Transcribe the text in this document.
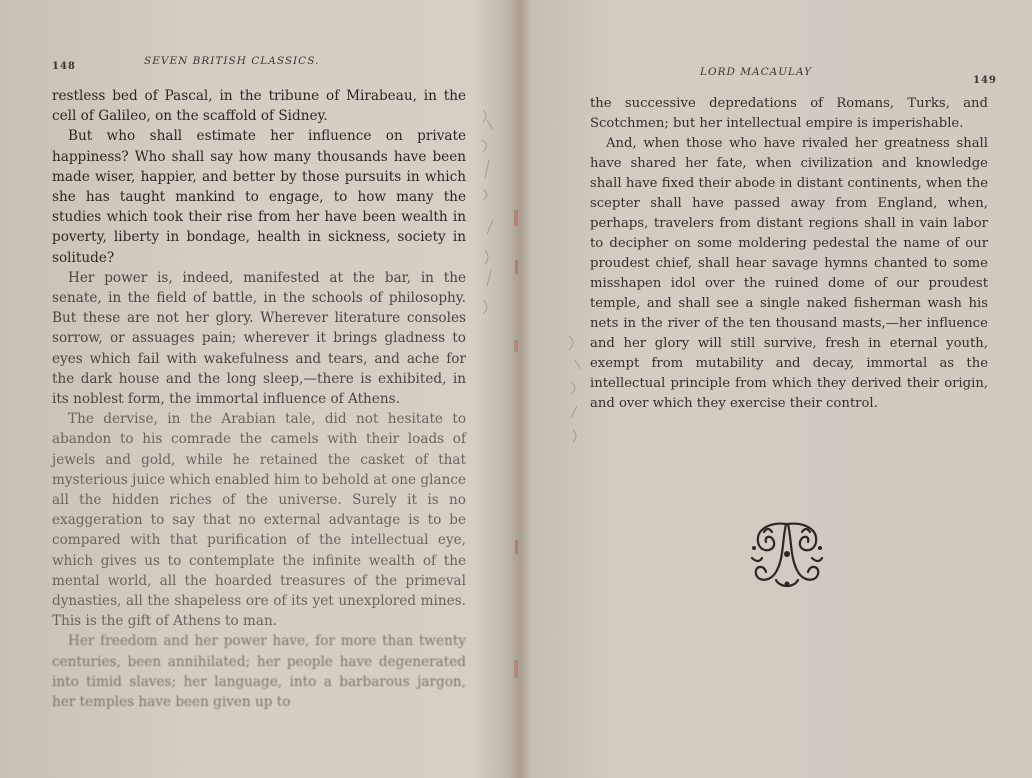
148	SEVEN BRITISH CLASSICS.

restless bed of Pascal, in the tribune of Mirabeau, in the cell of Galileo, on the scaffold of Sidney.

But who shall estimate her influence on private happiness? Who shall say how many thousands have been made wiser, happier, and better by those pursuits in which she has taught mankind to engage, to how many the studies which took their rise from her have been wealth in poverty, liberty in bondage, health in sickness, society in solitude?

Her power is, indeed, manifested at the bar, in the senate, in the field of battle, in the schools of philosophy. But these are not her glory. Wherever literature consoles sorrow, or assuages pain; wherever it brings gladness to eyes which fail with wakefulness and tears, and ache for the dark house and the long sleep,—there is exhibited, in its noblest form, the immortal influence of Athens.

The dervise, in the Arabian tale, did not hesitate to abandon to his comrade the camels with their loads of jewels and gold, while he retained the casket of that mysterious juice which enabled him to behold at one glance all the hidden riches of the universe. Surely it is no exaggeration to say that no external advantage is to be compared with that purification of the intellectual eye, which gives us to contemplate the infinite wealth of the mental world, all the hoarded treasures of the primeval dynasties, all the shapeless ore of its yet unexplored mines. This is the gift of Athens to man.

Her freedom and her power have, for more than twenty centuries, been annihilated; her people have degenerated into timid slaves; her language, into a barbarous jargon, her temples have been given up to

LORD MACAULAY
149

the successive depredations of Romans, Turks, and Scotchmen; but her intellectual empire is imperishable.

And, when those who have rivaled her greatness shall have shared her fate, when civilization and knowledge shall have fixed their abode in distant continents, when the scepter shall have passed away from England, when, perhaps, travelers from distant regions shall in vain labor to decipher on some moldering pedestal the name of our proudest chief, shall hear savage hymns chanted to some misshapen idol over the ruined dome of our proudest temple, and shall see a single naked fisherman wash his nets in the river of the ten thousand masts,—her influence and her glory will still survive, fresh in eternal youth, exempt from mutability and decay, immortal as the intellectual principle from which they derived their origin, and over which they exercise their control.
